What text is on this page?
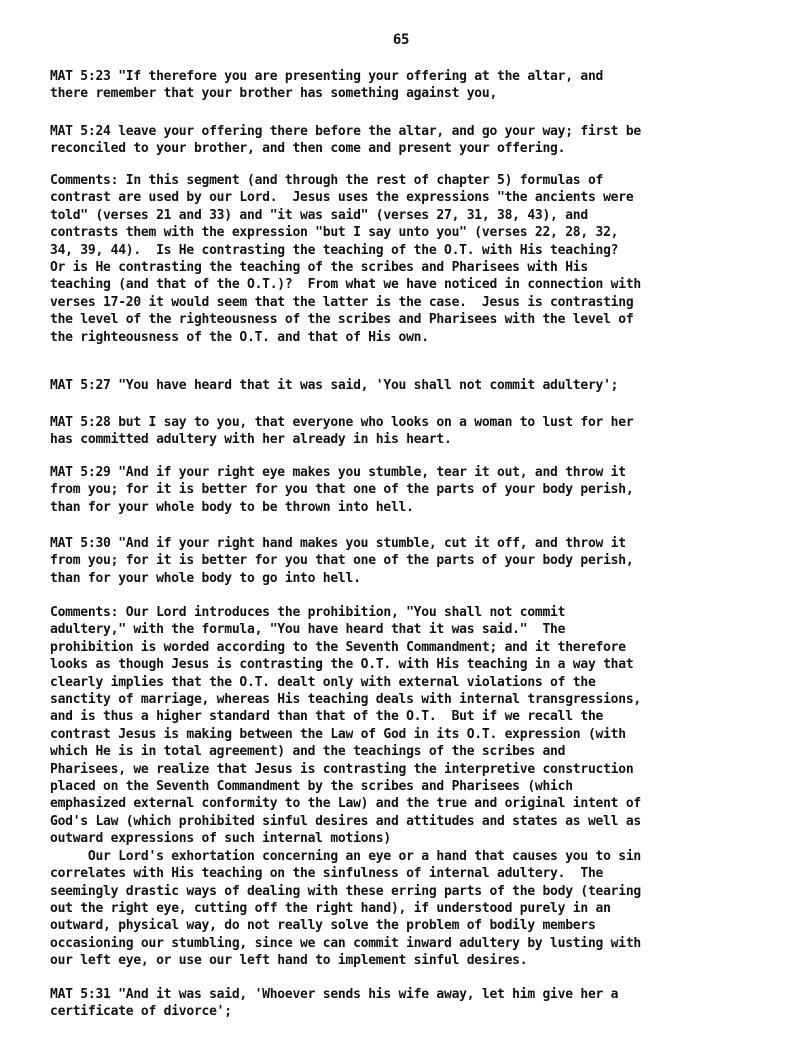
65

MAT 5:23 "If therefore you are presenting your offering at the altar, and
there remember that your brother has something against you,

MAT 5:24 leave your offering there before the altar, and go your way; first be
reconciled to your brother, and then come and present your offering.

Comments: In this segment (and through the rest of chapter 5) formulas of
contrast are used by our Lord.  Jesus uses the expressions "the ancients were
told" (verses 21 and 33) and "it was said" (verses 27, 31, 38, 43), and
contrasts them with the expression "but I say unto you" (verses 22, 28, 32,
34, 39, 44).  Is He contrasting the teaching of the O.T. with His teaching?
Or is He contrasting the teaching of the scribes and Pharisees with His
teaching (and that of the O.T.)?  From what we have noticed in connection with
verses 17-20 it would seem that the latter is the case.  Jesus is contrasting
the level of the righteousness of the scribes and Pharisees with the level of
the righteousness of the O.T. and that of His own.

MAT 5:27 "You have heard that it was said, 'You shall not commit adultery';

MAT 5:28 but I say to you, that everyone who looks on a woman to lust for her
has committed adultery with her already in his heart.

MAT 5:29 "And if your right eye makes you stumble, tear it out, and throw it
from you; for it is better for you that one of the parts of your body perish,
than for your whole body to be thrown into hell.

MAT 5:30 "And if your right hand makes you stumble, cut it off, and throw it
from you; for it is better for you that one of the parts of your body perish,
than for your whole body to go into hell.

Comments: Our Lord introduces the prohibition, "You shall not commit
adultery," with the formula, "You have heard that it was said."  The
prohibition is worded according to the Seventh Commandment; and it therefore
looks as though Jesus is contrasting the O.T. with His teaching in a way that
clearly implies that the O.T. dealt only with external violations of the
sanctity of marriage, whereas His teaching deals with internal transgressions,
and is thus a higher standard than that of the O.T.  But if we recall the
contrast Jesus is making between the Law of God in its O.T. expression (with
which He is in total agreement) and the teachings of the scribes and
Pharisees, we realize that Jesus is contrasting the interpretive construction
placed on the Seventh Commandment by the scribes and Pharisees (which
emphasized external conformity to the Law) and the true and original intent of
God's Law (which prohibited sinful desires and attitudes and states as well as
outward expressions of such internal motions)
Our Lord's exhortation concerning an eye or a hand that causes you to sin
correlates with His teaching on the sinfulness of internal adultery.  The
seemingly drastic ways of dealing with these erring parts of the body (tearing
out the right eye, cutting off the right hand), if understood purely in an
outward, physical way, do not really solve the problem of bodily members
occasioning our stumbling, since we can commit inward adultery by lusting with
our left eye, or use our left hand to implement sinful desires.

MAT 5:31 "And it was said, 'Whoever sends his wife away, let him give her a
certificate of divorce';
